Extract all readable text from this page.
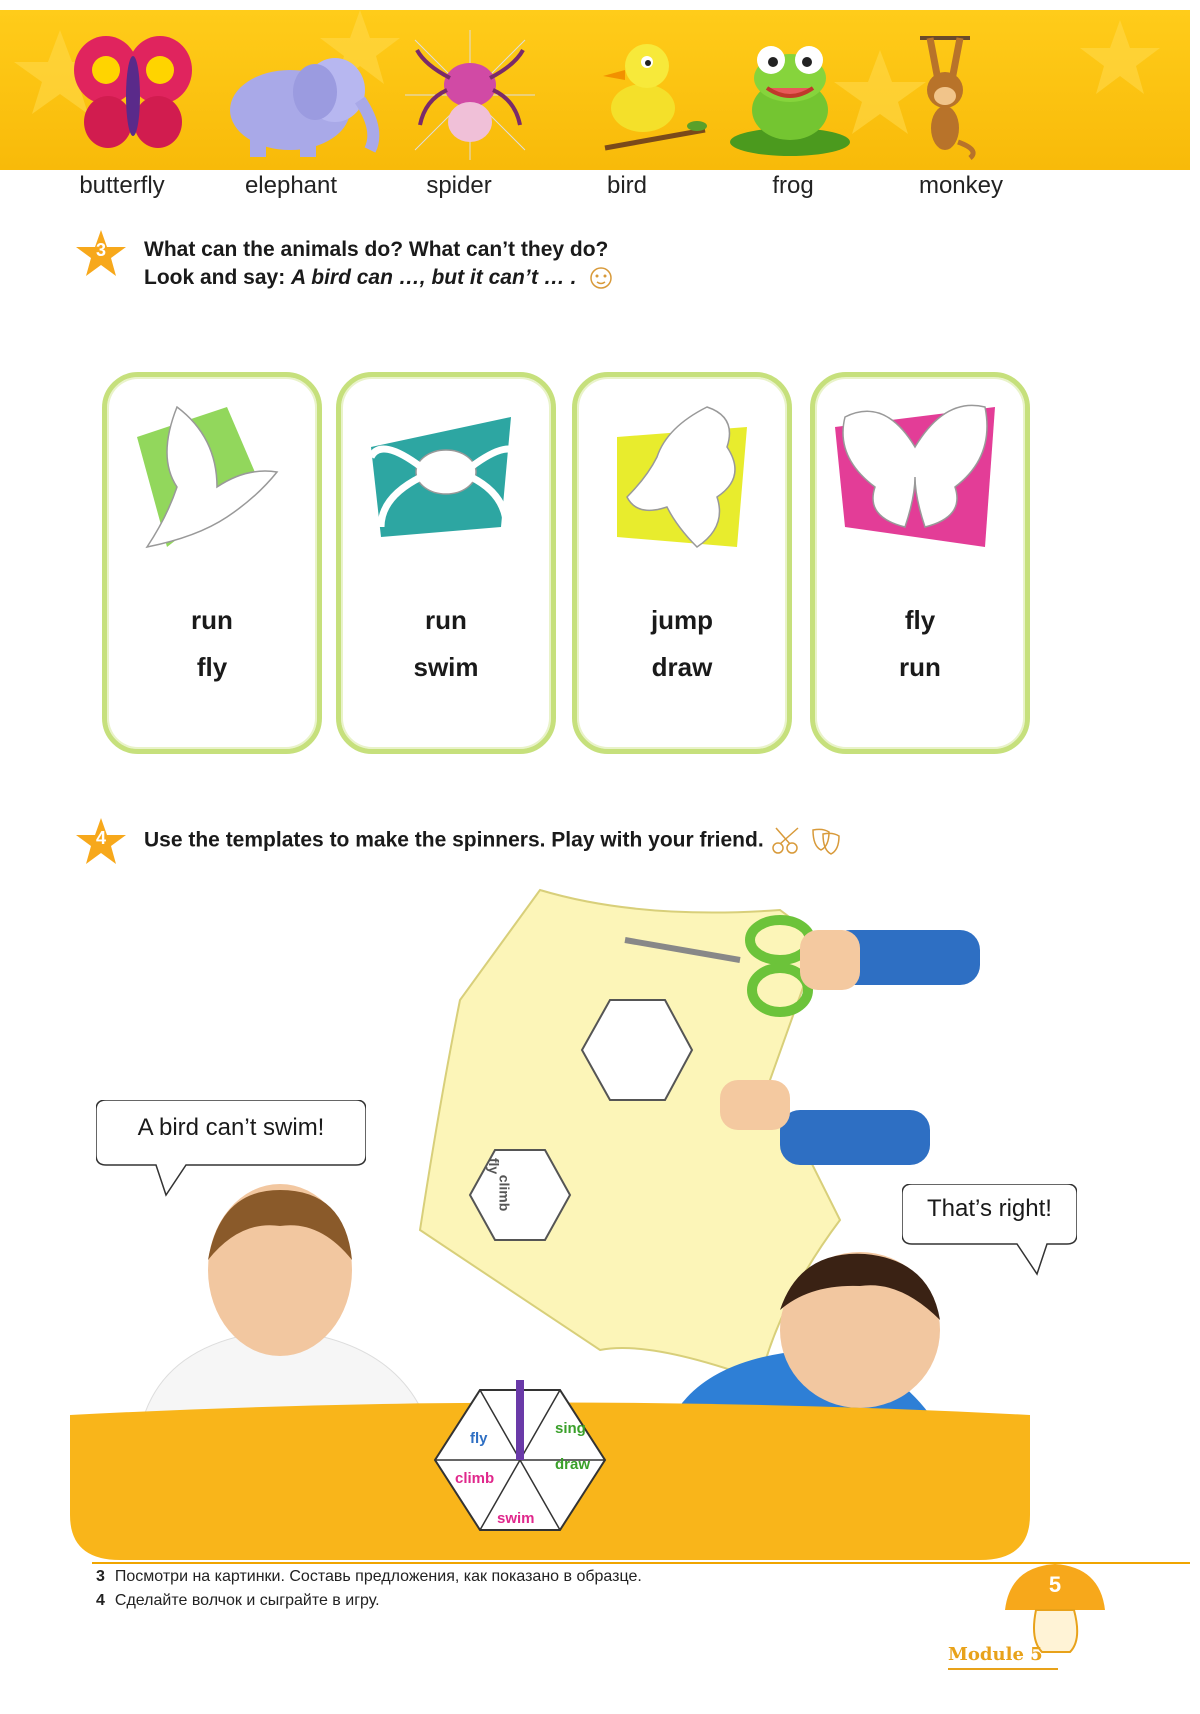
butterfly	elephant	spider	bird	frog	monkey
3	What can the animals do? What can’t they do?
Look and say: A bird can …, but it can’t … .
run
fly
run
swim
jump
draw
fly
run
4	Use the templates to make the spinners. Play with your friend.
fly
climb
A bird can’t swim!
That’s right!
swim
draw
sing
climb
fly
3 Посмотри на картинки. Составь предложения, как показано в образце.
4 Сделайте волчок и сыграйте в игру.
5
Module 5
